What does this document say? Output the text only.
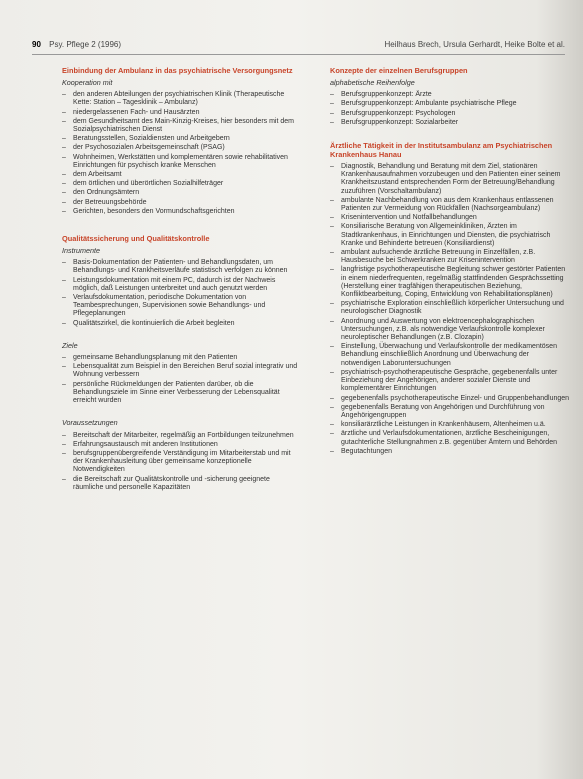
90 Psy. Pflege 2 (1996)	Heilhaus Brech, Ursula Gerhardt, Heike Bolte et al.
Einbindung der Ambulanz in das psychiatrische Versorgungsnetz
Kooperation mit
– den anderen Abteilungen der psychiatrischen Klinik (Therapeutische Kette: Station – Tagesklinik – Ambulanz)
– niedergelassenen Fach- und Hausärzten
– dem Gesundheitsamt des Main-Kinzig-Kreises, hier besonders mit dem Sozialpsychiatrischen Dienst
– Beratungsstellen, Sozialdiensten und Arbeitgebern
– der Psychosozialen Arbeitsgemeinschaft (PSAG)
– Wohnheimen, Werkstätten und komplementären sowie rehabilitativen Einrichtungen für psychisch kranke Menschen
– dem Arbeitsamt
– dem örtlichen und überörtlichen Sozialhilfeträger
– den Ordnungsämtern
– der Betreuungsbehörde
– Gerichten, besonders den Vormundschaftsgerichten
Qualitätssicherung und Qualitätskontrolle
Instrumente
– Basis-Dokumentation der Patienten- und Behandlungsdaten, um Behandlungs- und Krankheitsverläufe statistisch verfolgen zu können
– Leistungsdokumentation mit einem PC, dadurch ist der Nachweis möglich, daß Leistungen unterbreitet und auch genutzt werden
– Verlaufsdokumentation, periodische Dokumentation von Teambesprechungen, Supervisionen sowie Behandlungs- und Pflegeplanungen
– Qualitätszirkel, die kontinuierlich die Arbeit begleiten
Ziele
– gemeinsame Behandlungsplanung mit den Patienten
– Lebensqualität zum Beispiel in den Bereichen Beruf sozial integrativ und Wohnung verbessern
– persönliche Rückmeldungen der Patienten darüber, ob die Behandlungsziele im Sinne einer Verbesserung der Lebensqualität erreicht wurden
Voraussetzungen
– Bereitschaft der Mitarbeiter, regelmäßig an Fortbildungen teilzunehmen
– Erfahrungsaustausch mit anderen Institutionen
– berufsgruppenübergreifende Verständigung im Mitarbeiterstab und mit der Krankenhausleitung über gemeinsame konzeptionelle Notwendigkeiten
– die Bereitschaft zur Qualitätskontrolle und -sicherung geeignete räumliche und personelle Kapazitäten
Konzepte der einzelnen Berufsgruppen
alphabetische Reihenfolge
– Berufsgruppenkonzept: Ärzte
– Berufsgruppenkonzept: Ambulante psychiatrische Pflege
– Berufsgruppenkonzept: Psychologen
– Berufsgruppenkonzept: Sozialarbeiter
Ärztliche Tätigkeit in der Institutsambulanz am Psychiatrischen Krankenhaus Hanau
– Diagnostik, Behandlung und Beratung mit dem Ziel, stationären Krankenhausaufnahmen vorzubeugen und den Patienten einer seinem Krankheitszustand entsprechenden Form der Betreuung/Behandlung zuzuführen (Vorschaltambulanz)
– ambulante Nachbehandlung von aus dem Krankenhaus entlassenen Patienten zur Vermeidung von Rückfällen (Nachsorgeambulanz)
– Krisenintervention und Notfallbehandlungen
– Konsiliarische Beratung von Allgemeinkliniken, Ärzten im Stadtkrankenhaus, in Einrichtungen und Diensten, die psychiatrisch Kranke und Behinderte betreuen (Konsiliardienst)
– ambulant aufsuchende ärztliche Betreuung in Einzelfällen, z.B. Hausbesuche bei Schwerkranken zur Krisenintervention
– langfristige psychotherapeutische Begleitung schwer gestörter Patienten in einem niederfrequenten, regelmäßig stattfindenden Gesprächssetting (Herstellung einer tragfähigen therapeutischen Beziehung, Konfliktbearbeitung, Coping, Entwicklung von Rehabilitationsplänen)
– psychiatrische Exploration einschließlich körperlicher Untersuchung und neurologischer Diagnostik
– Anordnung und Auswertung von elektroencephalographischen Untersuchungen, z.B. als notwendige Verlaufskontrolle komplexer neuroleptischer Behandlungen (z.B. Clozapin)
– Einstellung, Überwachung und Verlaufskontrolle der medikamentösen Behandlung einschließlich Anordnung und Überwachung der notwendigen Laboruntersuchungen
– psychiatrisch-psychotherapeutische Gespräche, gegebenenfalls unter Einbeziehung der Angehörigen, anderer sozialer Dienste und komplementärer Einrichtungen
– gegebenenfalls psychotherapeutische Einzel- und Gruppenbehandlungen
– gegebenenfalls Beratung von Angehörigen und Durchführung von Angehörigengruppen
– konsiliarärztliche Leistungen in Krankenhäusern, Altenheimen u.ä.
– ärztliche und Verlaufsdokumentationen, ärztliche Bescheinigungen, gutachterliche Stellungnahmen z.B. gegenüber Ämtern und Behörden
– Begutachtungen
